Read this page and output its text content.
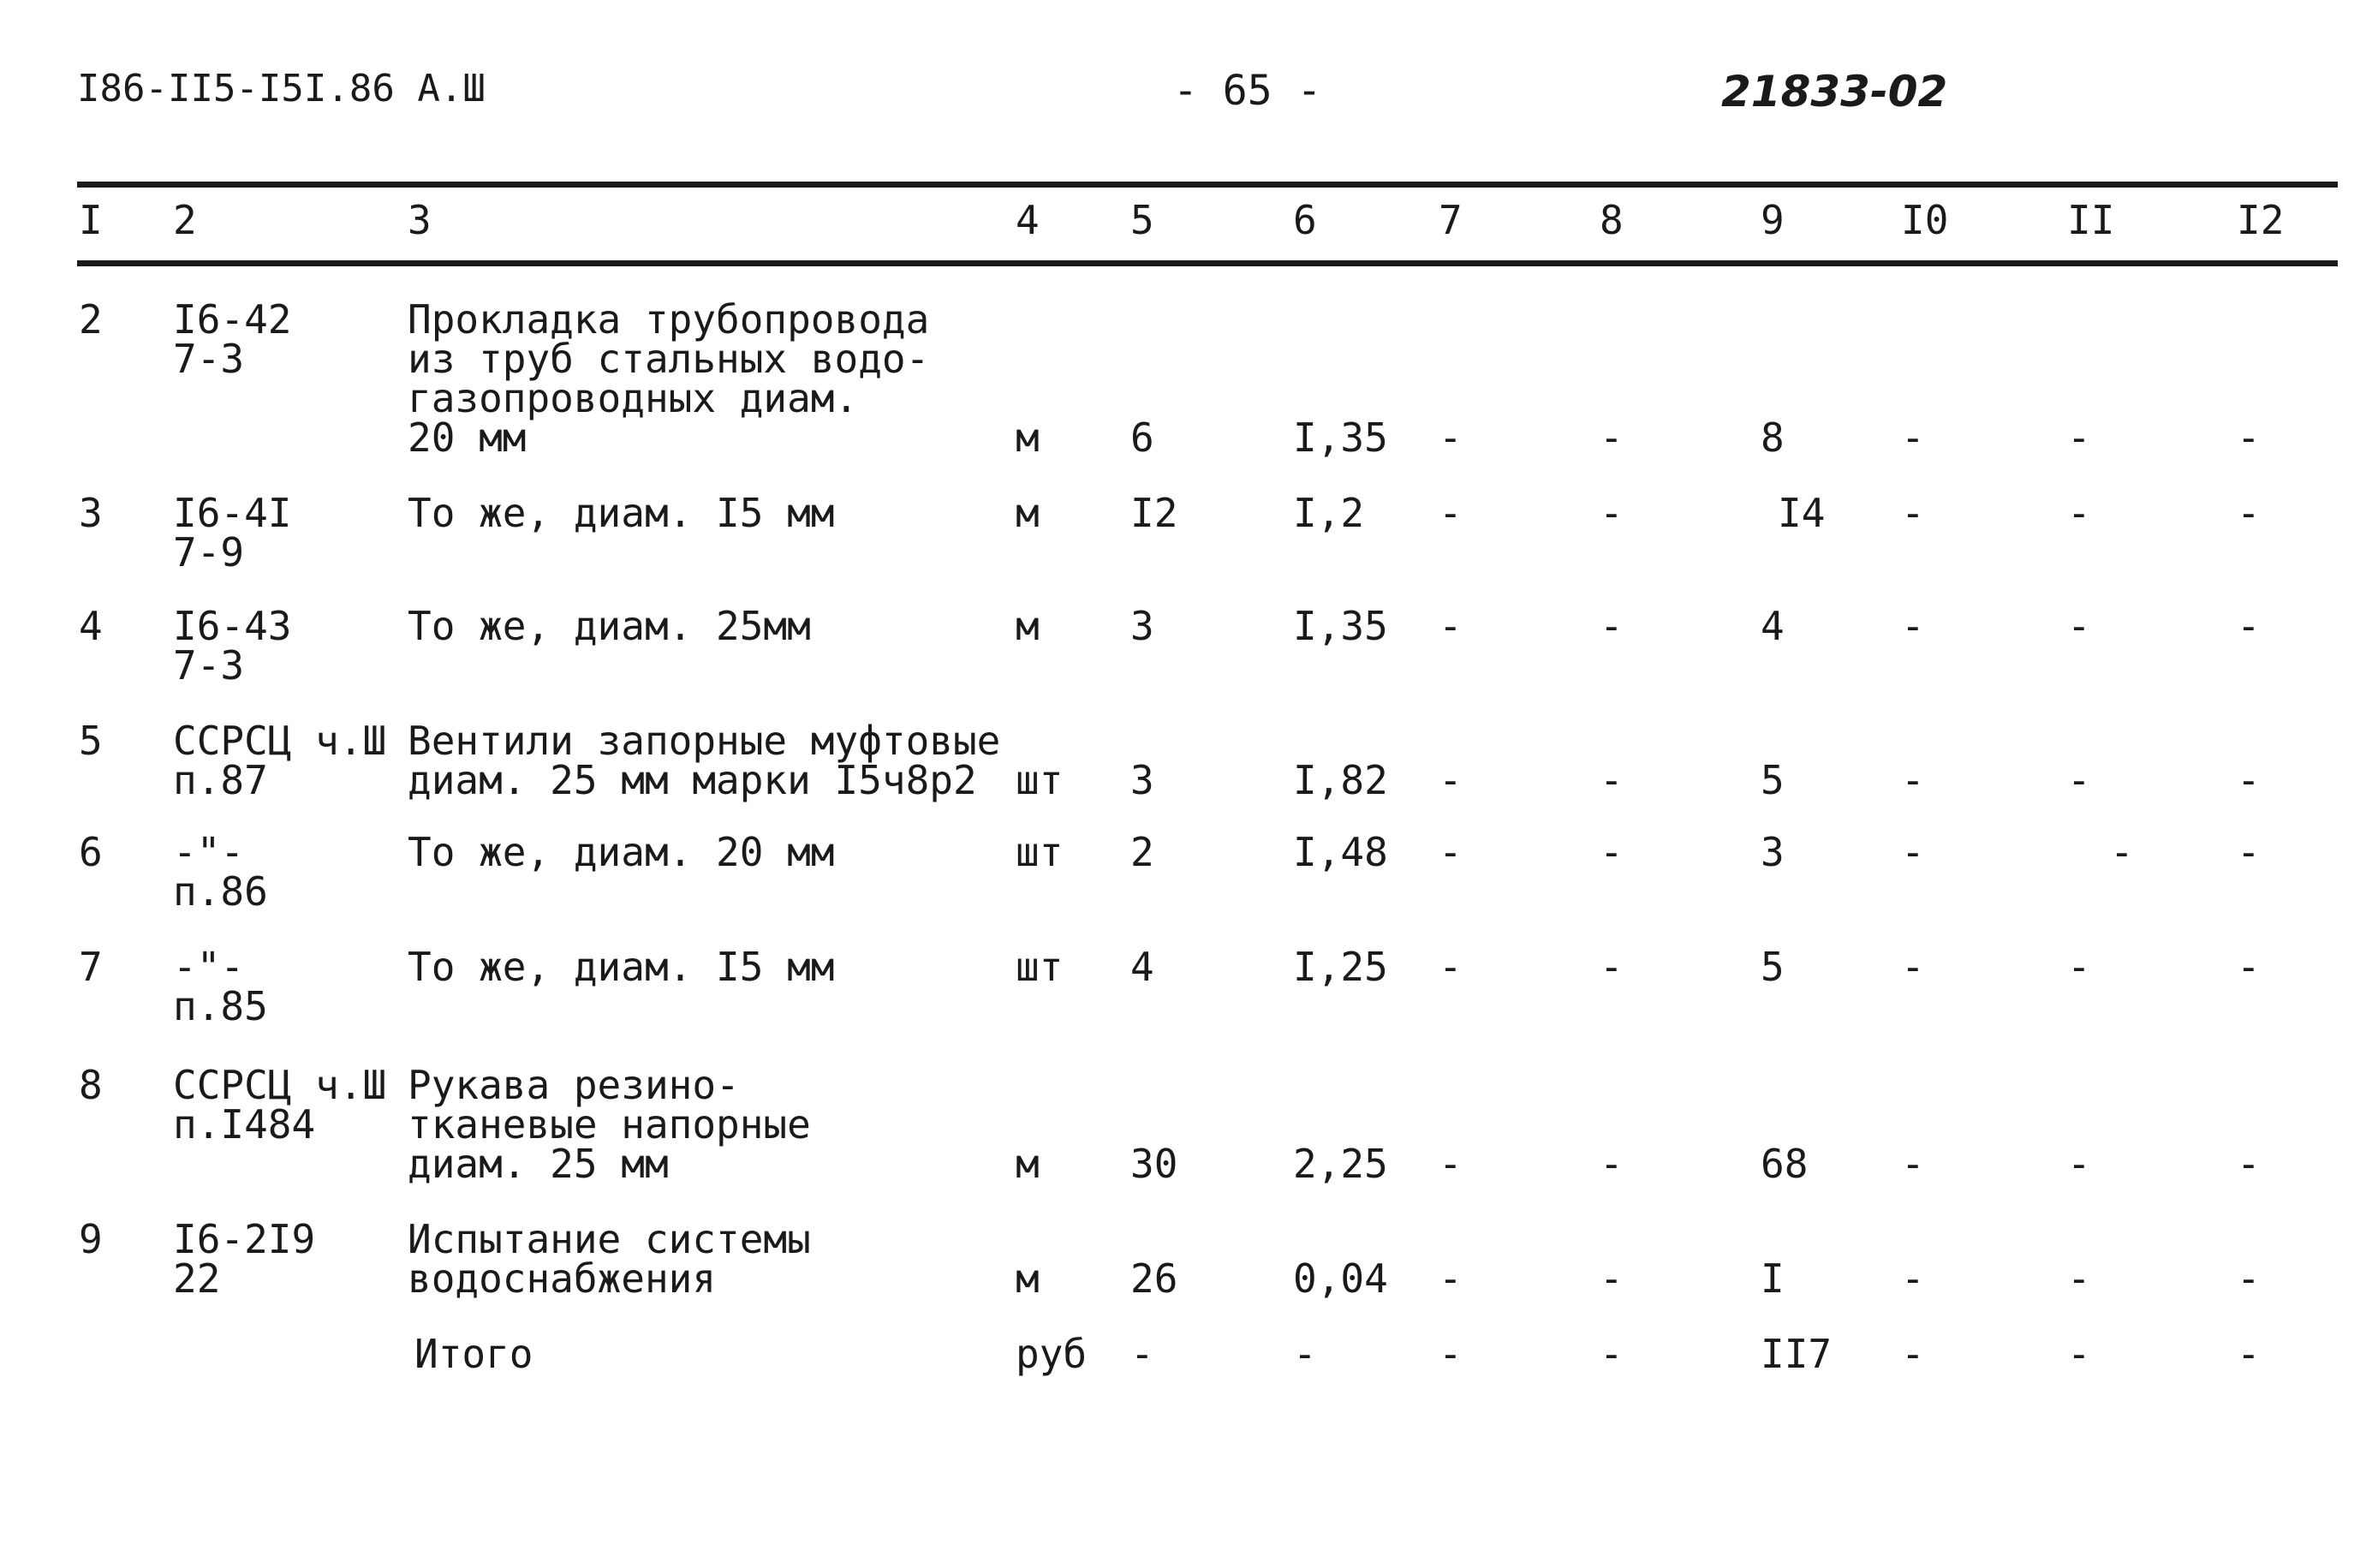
I86-II5-I5I.86 А.Ш	- 65 -	21833-02
I 2	3	4 5	6	7	8	9	I0	II	I2
2 I6-42
7-3
Прокладка трубопровода
из труб стальных водо-
газопроводных диам.
20 мм	м 6	I,35 -	-	8	-	-	-
3 I6-4I
7-9
То же, диам. I5 мм	м I2	I,2 -	-	I4 -	-	-
4 I6-43
7-3
То же, диам. 25мм	м 3	I,35 -	-	4	-	-	-
5 ССРСЦ ч.Ш
п.87
Вентили запорные муфтовые
диам. 25 мм марки I5ч8р2 шт 3	I,82 -	-	5	-	-	-
6 -"-
п.86
То же, диам. 20 мм	шт 2	I,48 -	-	3	-	-	-
7 -"-
п.85
То же, диам. I5 мм	шт 4	I,25 -	-	5	-	-	-
8 ССРСЦ ч.Ш
п.I484
Рукава резино-
тканевые напорные
диам. 25 мм	м 30	2,25 -	-	68 -	-	-
9 I6-2I9
22
Испытание системы
водоснабжения	м 26	0,04 -	-	I	-	-	-
Итого	руб -	-	-	-	II7 -	-	-
